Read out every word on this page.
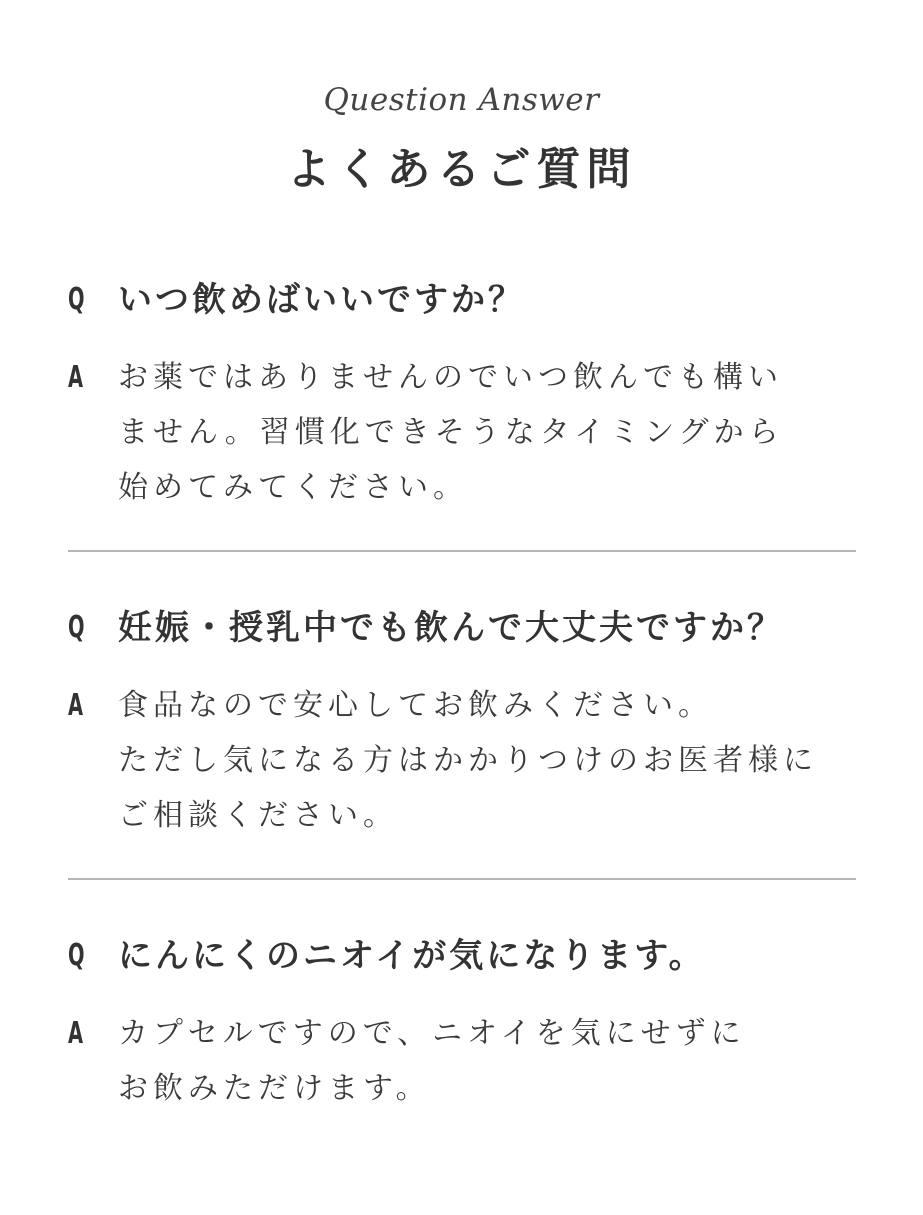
Question Answer
よくあるご質問
Q いつ飲めばいいですか？
A	お薬ではありませんのでいつ飲んでも構い
ません。習慣化できそうなタイミングから
始めてみてください。
Q 妊娠・授乳中でも飲んで大丈夫ですか？
A	食品なので安心してお飲みください。
ただし気になる方はかかりつけのお医者様に
ご相談ください。
Q にんにくのニオイが気になります。
A	カプセルですので、ニオイを気にせずに
お飲みただけます。
